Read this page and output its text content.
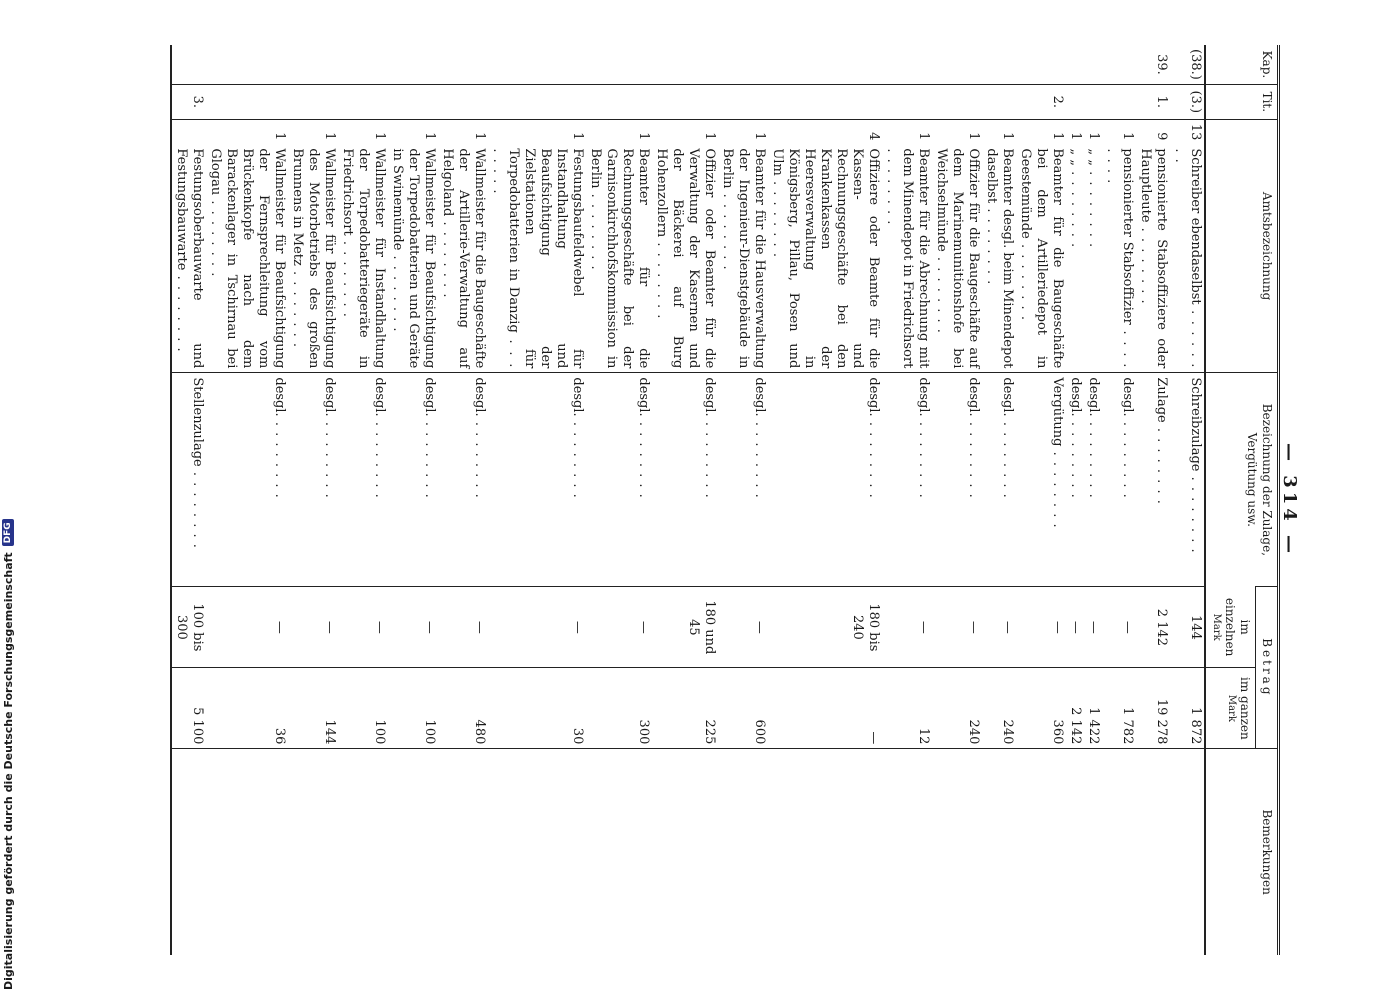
Digitalisierung gefördert durch die Deutsche Forschungsgemeinschaft
DFG	— 314 —
Kap.	Tit.	Amtsbezeichnung		Bezeichnung der Zulage, Vergütung usw.	Betrag		Bemerkungen
					im einzelnen
Mark	im ganzen
Mark	

(38.)	(3.)	13	Schreiber ebendaselbst . . .	Schreibzulage . . .	144	1 872	
39.	1.	9	pensionierte Stabsoffiziere oder Hauptleute . . .	Zulage . . .	2 142	19 278	
		1	pensionierter Stabsoffizier . . .	desgl. . . .	—	1 782	
		1	„ „ . . .	desgl. . . .	—	1 422	
		1	„ „ . . .	desgl. . . .	—	2 142	
	2.	1	Beamter für die Baugeschäfte bei dem Artilleriedepot in Geestemünde . . .	Vergütung . . .	—	360	
		1	Beamter desgl. beim Minendepot daselbst . . .	desgl. . . .	—	240	
		1	Offizier für die Baugeschäfte auf dem Marinemunitionshofe bei Weichselmünde . . .	desgl. . . .	—	240	
		1	Beamter für die Abrechnung mit dem Minendepot in Friedrichsort . . .	desgl. . . .	—	12	
		4	Offiziere oder Beamte für die Kassen- und Rechnungsgeschäfte bei den Krankenkassen der Heeresverwaltung in Königsberg, Pillau, Posen und Ulm . . .	desgl. . . .	180 bis 240	—	
		1	Beamter für die Hausverwaltung der Ingenieur-Dienstgebäude in Berlin . . .	desgl. . . .	—	600	
		1	Offizier oder Beamter für die Verwaltung der Kasernen und der Bäckerei auf Burg Hohenzollern . . .	desgl. . . .	180 und 45	225	
		1	Beamter für die Rechnungsgeschäfte bei der Garnisonkirchhofskommission in Berlin . . .	desgl. . . .	—	300	
		1	Festungsbaufeldwebel für Instandhaltung und Beaufsichtigung der Zielstationen für Torpedobatterien in Danzig . . .	desgl. . . .	—	30	
		1	Wallmeister für die Baugeschäfte der Artillerie-Verwaltung auf Helgoland . . .	desgl. . . .	—	480	
		1	Wallmeister für Beaufsichtigung der Torpedobatterien und Geräte in Swinemünde . . .	desgl. . . .	—	100	
		1	Wallmeister für Instandhaltung der Torpedobatteriegeräte in Friedrichsort . . .	desgl. . . .	—	100	
		1	Wallmeister für Beaufsichtigung des Motorbetriebs des großen Brunnens in Metz . . .	desgl. . . .	—	144	
		1	Wallmeister für Beaufsichtigung der Fernsprechleitung vom Brückenkopfe nach dem Barackenlager in Tschirnau bei Glogau . . .	desgl. . . .	—	36	
	3.		Festungsoberbauwarte und Festungsbauwarte . . .	Stellenzulage . . .	100 bis 300	5 100	
